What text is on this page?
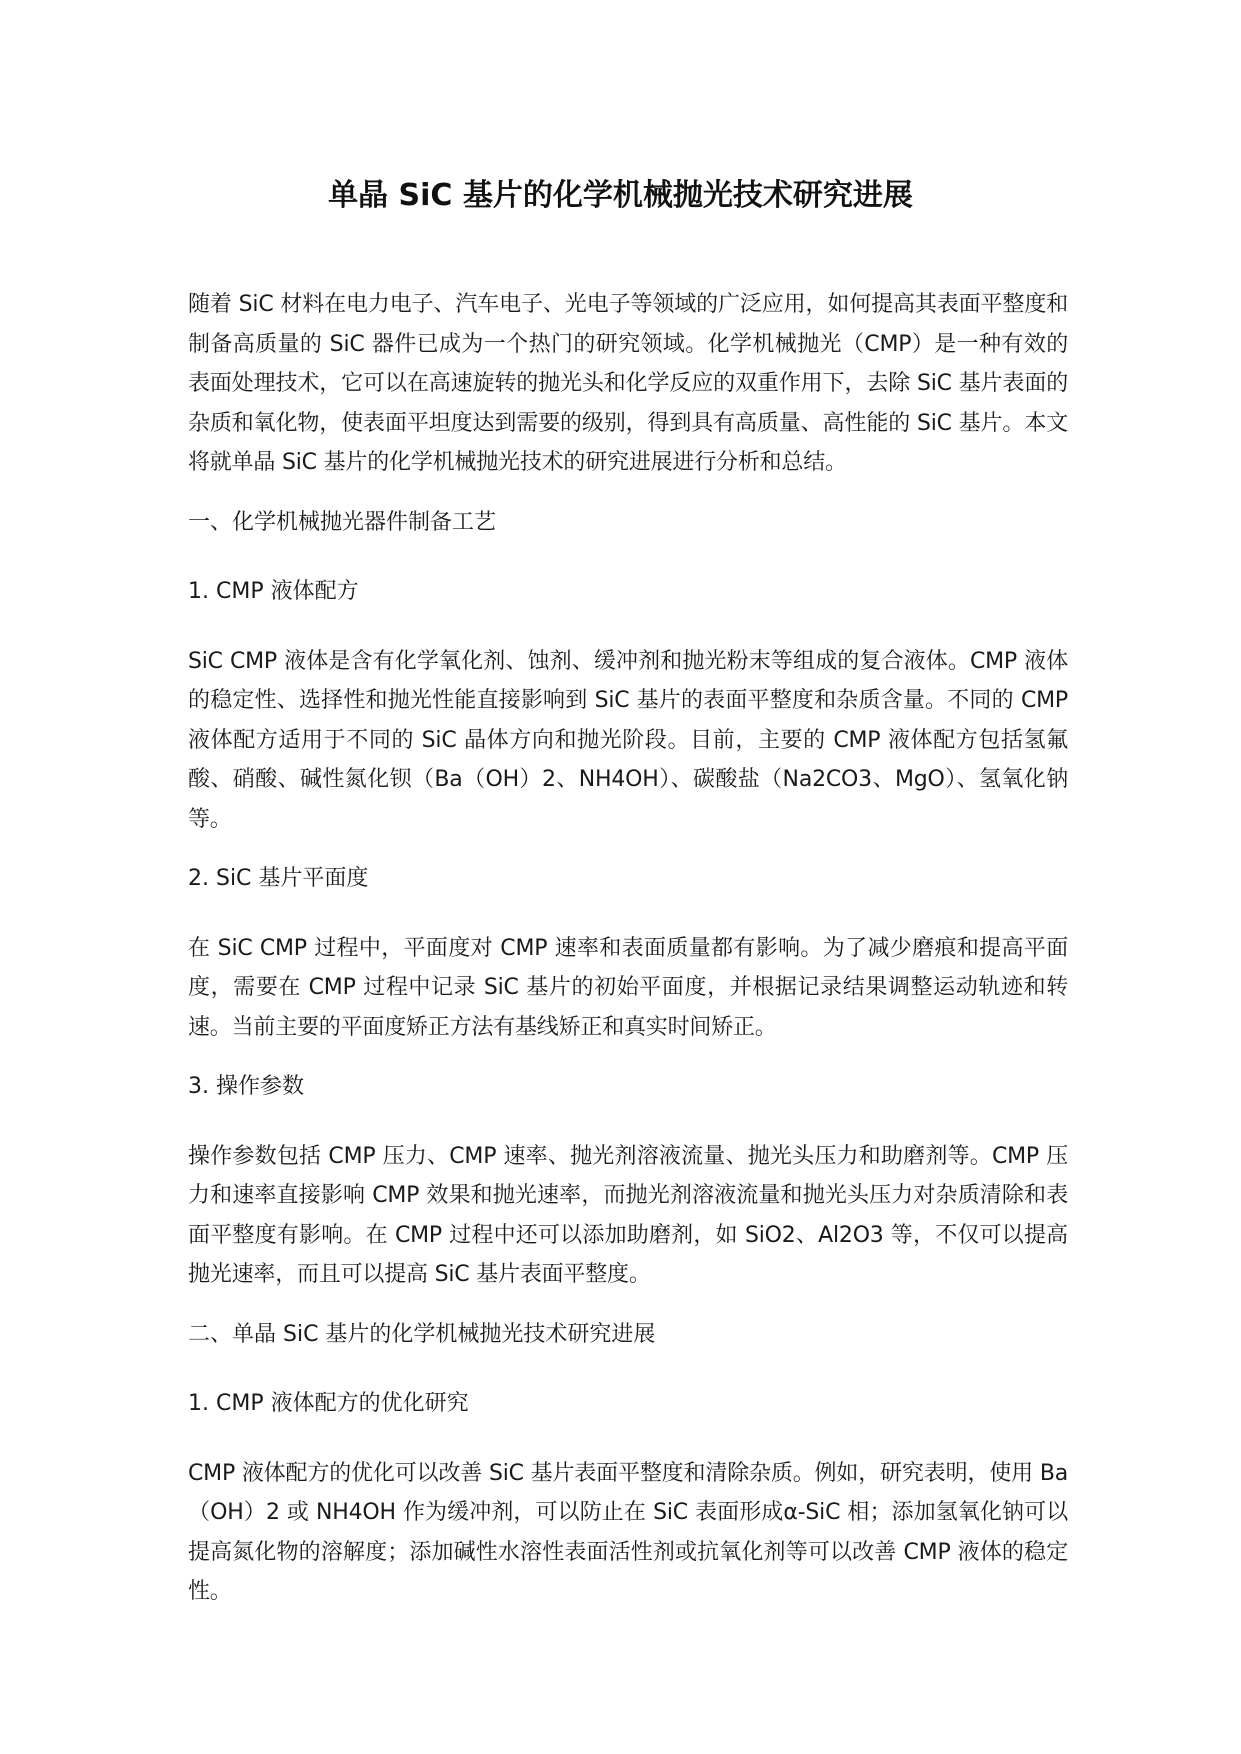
单晶 SiC 基片的化学机械抛光技术研究进展

随着 SiC 材料在电力电子、汽车电子、光电子等领域的广泛应用，如何提高其表面平整度和制备高质量的 SiC 器件已成为一个热门的研究领域。化学机械抛光（CMP）是一种有效的表面处理技术，它可以在高速旋转的抛光头和化学反应的双重作用下，去除 SiC 基片表面的杂质和氧化物，使表面平坦度达到需要的级别，得到具有高质量、高性能的 SiC 基片。本文将就单晶 SiC 基片的化学机械抛光技术的研究进展进行分析和总结。

一、化学机械抛光器件制备工艺

1. CMP 液体配方

SiC CMP 液体是含有化学氧化剂、蚀剂、缓冲剂和抛光粉末等组成的复合液体。CMP 液体的稳定性、选择性和抛光性能直接影响到 SiC 基片的表面平整度和杂质含量。不同的 CMP 液体配方适用于不同的 SiC 晶体方向和抛光阶段。目前，主要的 CMP 液体配方包括氢氟酸、硝酸、碱性氮化钡（Ba（OH）2、NH4OH）、碳酸盐（Na2CO3、MgO）、氢氧化钠等。

2. SiC 基片平面度

在 SiC CMP 过程中，平面度对 CMP 速率和表面质量都有影响。为了减少磨痕和提高平面度，需要在 CMP 过程中记录 SiC 基片的初始平面度，并根据记录结果调整运动轨迹和转速。当前主要的平面度矫正方法有基线矫正和真实时间矫正。

3. 操作参数

操作参数包括 CMP 压力、CMP 速率、抛光剂溶液流量、抛光头压力和助磨剂等。CMP 压力和速率直接影响 CMP 效果和抛光速率，而抛光剂溶液流量和抛光头压力对杂质清除和表面平整度有影响。在 CMP 过程中还可以添加助磨剂，如 SiO2、Al2O3 等，不仅可以提高抛光速率，而且可以提高 SiC 基片表面平整度。

二、单晶 SiC 基片的化学机械抛光技术研究进展

1. CMP 液体配方的优化研究

CMP 液体配方的优化可以改善 SiC 基片表面平整度和清除杂质。例如，研究表明，使用 Ba（OH）2 或 NH4OH 作为缓冲剂，可以防止在 SiC 表面形成α-SiC 相；添加氢氧化钠可以提高氮化物的溶解度；添加碱性水溶性表面活性剂或抗氧化剂等可以改善 CMP 液体的稳定性。
